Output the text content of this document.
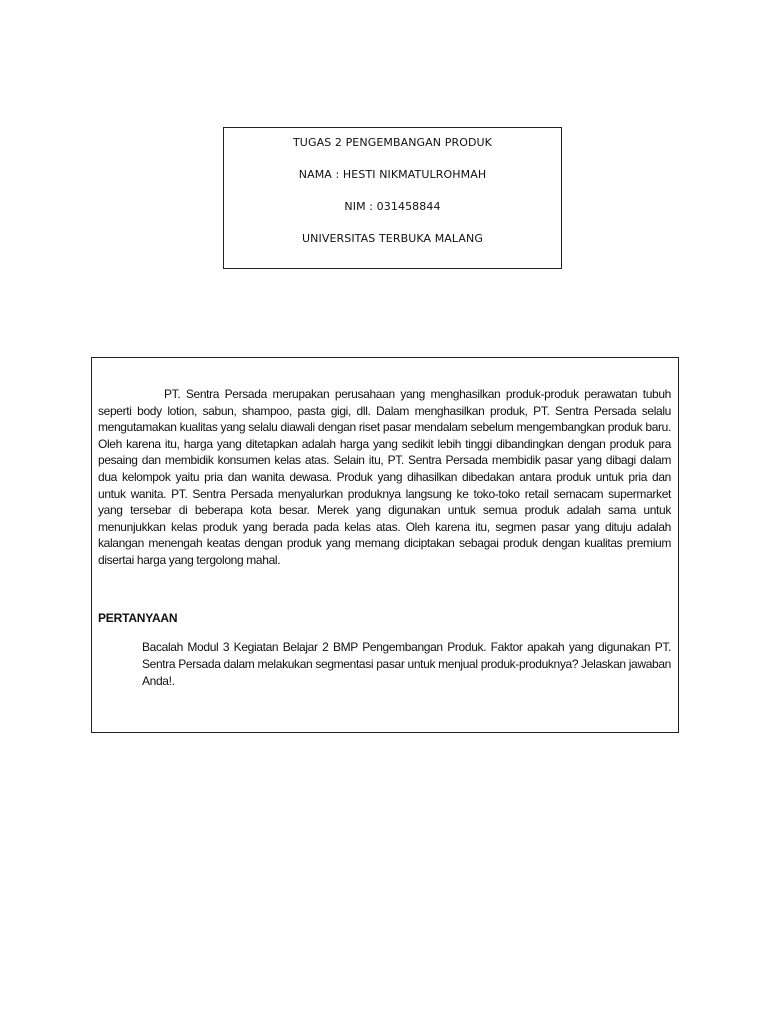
TUGAS 2 PENGEMBANGAN PRODUK
NAMA : HESTI NIKMATULROHMAH
NIM : 031458844
UNIVERSITAS TERBUKA MALANG

PT. Sentra Persada merupakan perusahaan yang menghasilkan produk-produk perawatan tubuh seperti body lotion, sabun, shampoo, pasta gigi, dll. Dalam menghasilkan produk, PT. Sentra Persada selalu mengutamakan kualitas yang selalu diawali dengan riset pasar mendalam sebelum mengembangkan produk baru. Oleh karena itu, harga yang ditetapkan adalah harga yang sedikit lebih tinggi dibandingkan dengan produk para pesaing dan membidik konsumen kelas atas. Selain itu, PT. Sentra Persada membidik pasar yang dibagi dalam dua kelompok yaitu pria dan wanita dewasa. Produk yang dihasilkan dibedakan antara produk untuk pria dan untuk wanita. PT. Sentra Persada menyalurkan produknya langsung ke toko-toko retail semacam supermarket yang tersebar di beberapa kota besar. Merek yang digunakan untuk semua produk adalah sama untuk menunjukkan kelas produk yang berada pada kelas atas. Oleh karena itu, segmen pasar yang dituju adalah kalangan menengah keatas dengan produk yang memang diciptakan sebagai produk dengan kualitas premium disertai harga yang tergolong mahal.

PERTANYAAN

Bacalah Modul 3 Kegiatan Belajar 2 BMP Pengembangan Produk. Faktor apakah yang digunakan PT. Sentra Persada dalam melakukan segmentasi pasar untuk menjual produk-produknya? Jelaskan jawaban Anda!.
